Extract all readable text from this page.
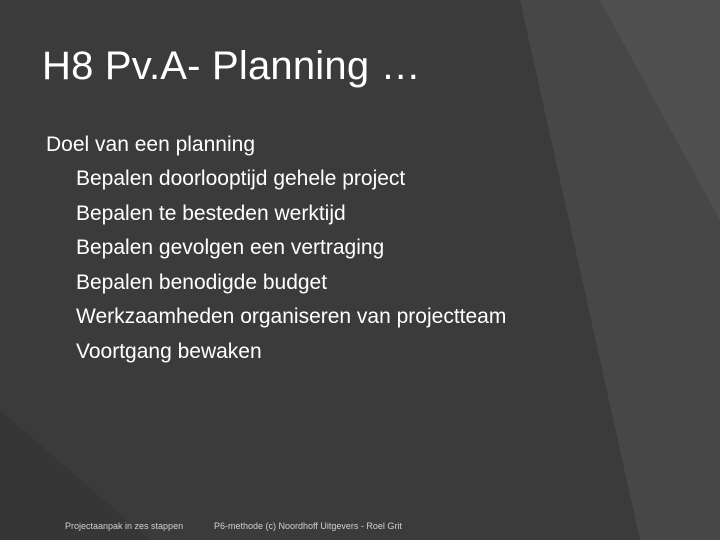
H8 Pv.A- Planning …

Doel van een planning

Bepalen doorlooptijd gehele project
Bepalen te besteden werktijd
Bepalen gevolgen een vertraging
Bepalen benodigde budget
Werkzaamheden organiseren van projectteam
Voortgang bewaken
Projectaanpak in zes stappen	P6-methode (c) Noordhoff Uitgevers - Roel Grit
